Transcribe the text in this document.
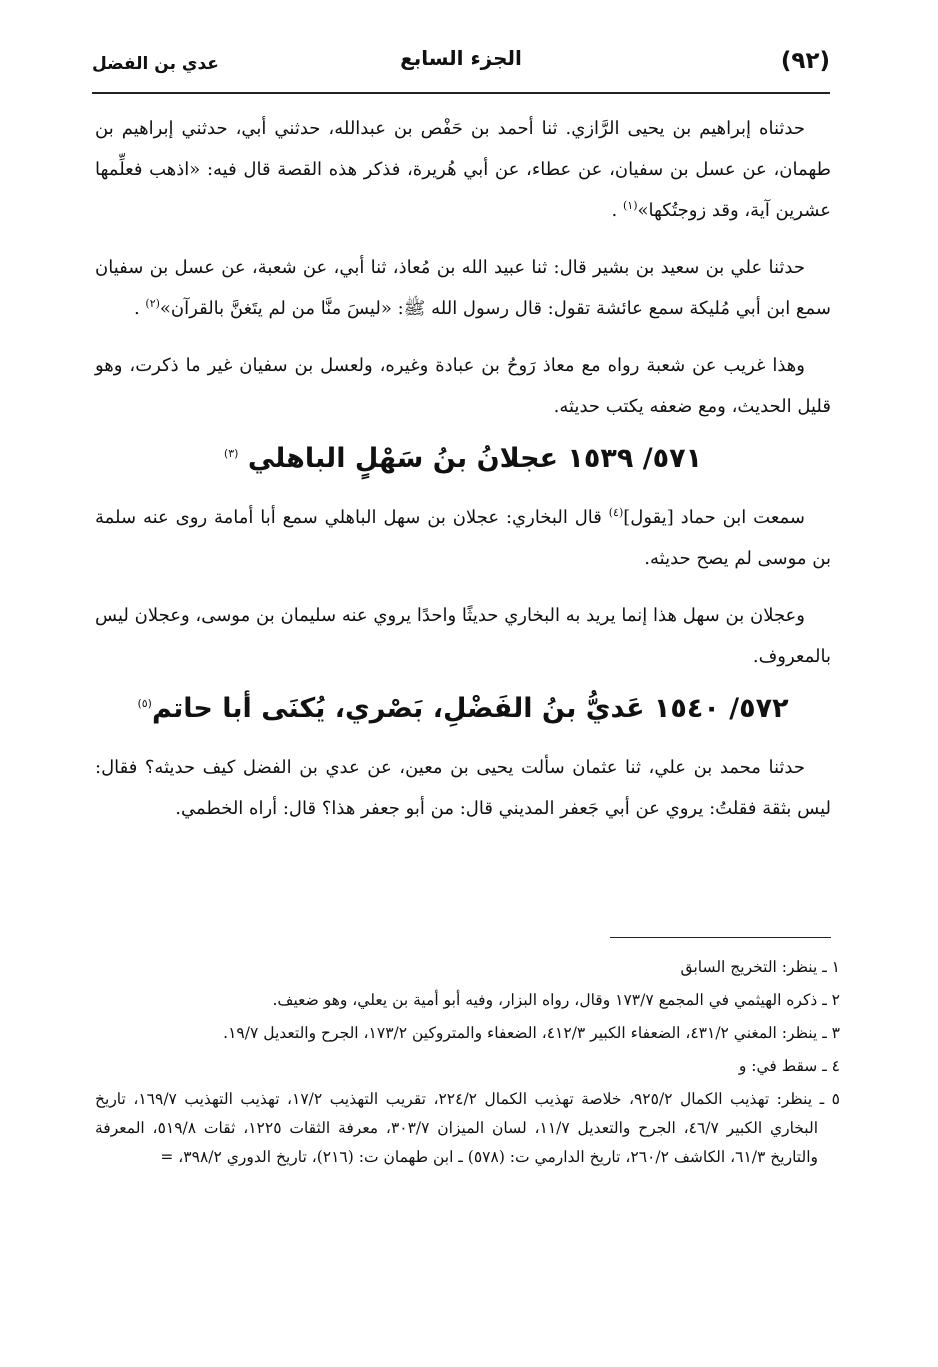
(٩٢)
الجزء السابع
عدي بن الفضل

حدثناه إبراهيم بن يحيى الرَّازي. ثنا أحمد بن حَفْص بن عبدالله، حدثني أبي، حدثني إبراهيم بن طهمان، عن عسل بن سفيان، عن عطاء، عن أبي هُريرة، فذكر هذه القصة قال فيه: «اذهب فعلِّمها عشرين آية، وقد زوجتُكها»$^{(١)}$ .

حدثنا علي بن سعيد بن بشير قال: ثنا عبيد الله بن مُعاذ، ثنا أبي، عن شعبة، عن عسل بن سفيان سمع ابن أبي مُليكة سمع عائشة تقول: قال رسول الله ﷺ: «ليسَ منَّا من لم يتَغنَّ بالقرآن»$^{(٢)}$ .

وهذا غريب عن شعبة رواه مع معاذ رَوحُ بن عبادة وغيره، ولعسل بن سفيان غير ما ذكرت، وهو قليل الحديث، ومع ضعفه يكتب حديثه.

٥٧١/ ١٥٣٩ عجلانُ بنُ سَهْلٍ الباهلي $^{(٣)}$

سمعت ابن حماد [يقول]$^{(٤)}$ قال البخاري: عجلان بن سهل الباهلي سمع أبا أمامة روى عنه سلمة بن موسى لم يصح حديثه.

وعجلان بن سهل هذا إنما يريد به البخاري حديثًا واحدًا يروي عنه سليمان بن موسى، وعجلان ليس بالمعروف.

٥٧٢/ ١٥٤٠ عَديُّ بنُ الفَضْلِ، بَصْري، يُكنَى أبا حاتم$^{(٥)}$

حدثنا محمد بن علي، ثنا عثمان سألت يحيى بن معين، عن عدي بن الفضل كيف حديثه؟ فقال: ليس بثقة فقلتُ: يروي عن أبي جَعفر المديني قال: من أبو جعفر هذا؟ قال: أراه الخطمي.

١ ـ ينظر: التخريج السابق

٢ ـ ذكره الهيثمي في المجمع ١٧٣/٧ وقال، رواه البزار، وفيه أبو أمية بن يعلي، وهو ضعيف.

٣ ـ ينظر: المغني ٤٣١/٢، الضعفاء الكبير ٤١٢/٣، الضعفاء والمتروكين ١٧٣/٢، الجرح والتعديل ١٩/٧.

٤ ـ سقط في: و

٥ ـ ينظر: تهذيب الكمال ٩٢٥/٢، خلاصة تهذيب الكمال ٢٢٤/٢، تقريب التهذيب ١٧/٢، تهذيب التهذيب ١٦٩/٧، تاريخ البخاري الكبير ٤٦/٧، الجرح والتعديل ١١/٧، لسان الميزان ٣٠٣/٧، معرفة الثقات ١٢٢٥، ثقات ٥١٩/٨، المعرفة والتاريخ ٦١/٣، الكاشف ٢٦٠/٢، تاريخ الدارمي ت: (٥٧٨) ـ ابن طهمان ت: (٢١٦)، تاريخ الدوري ٣٩٨/٢، =
